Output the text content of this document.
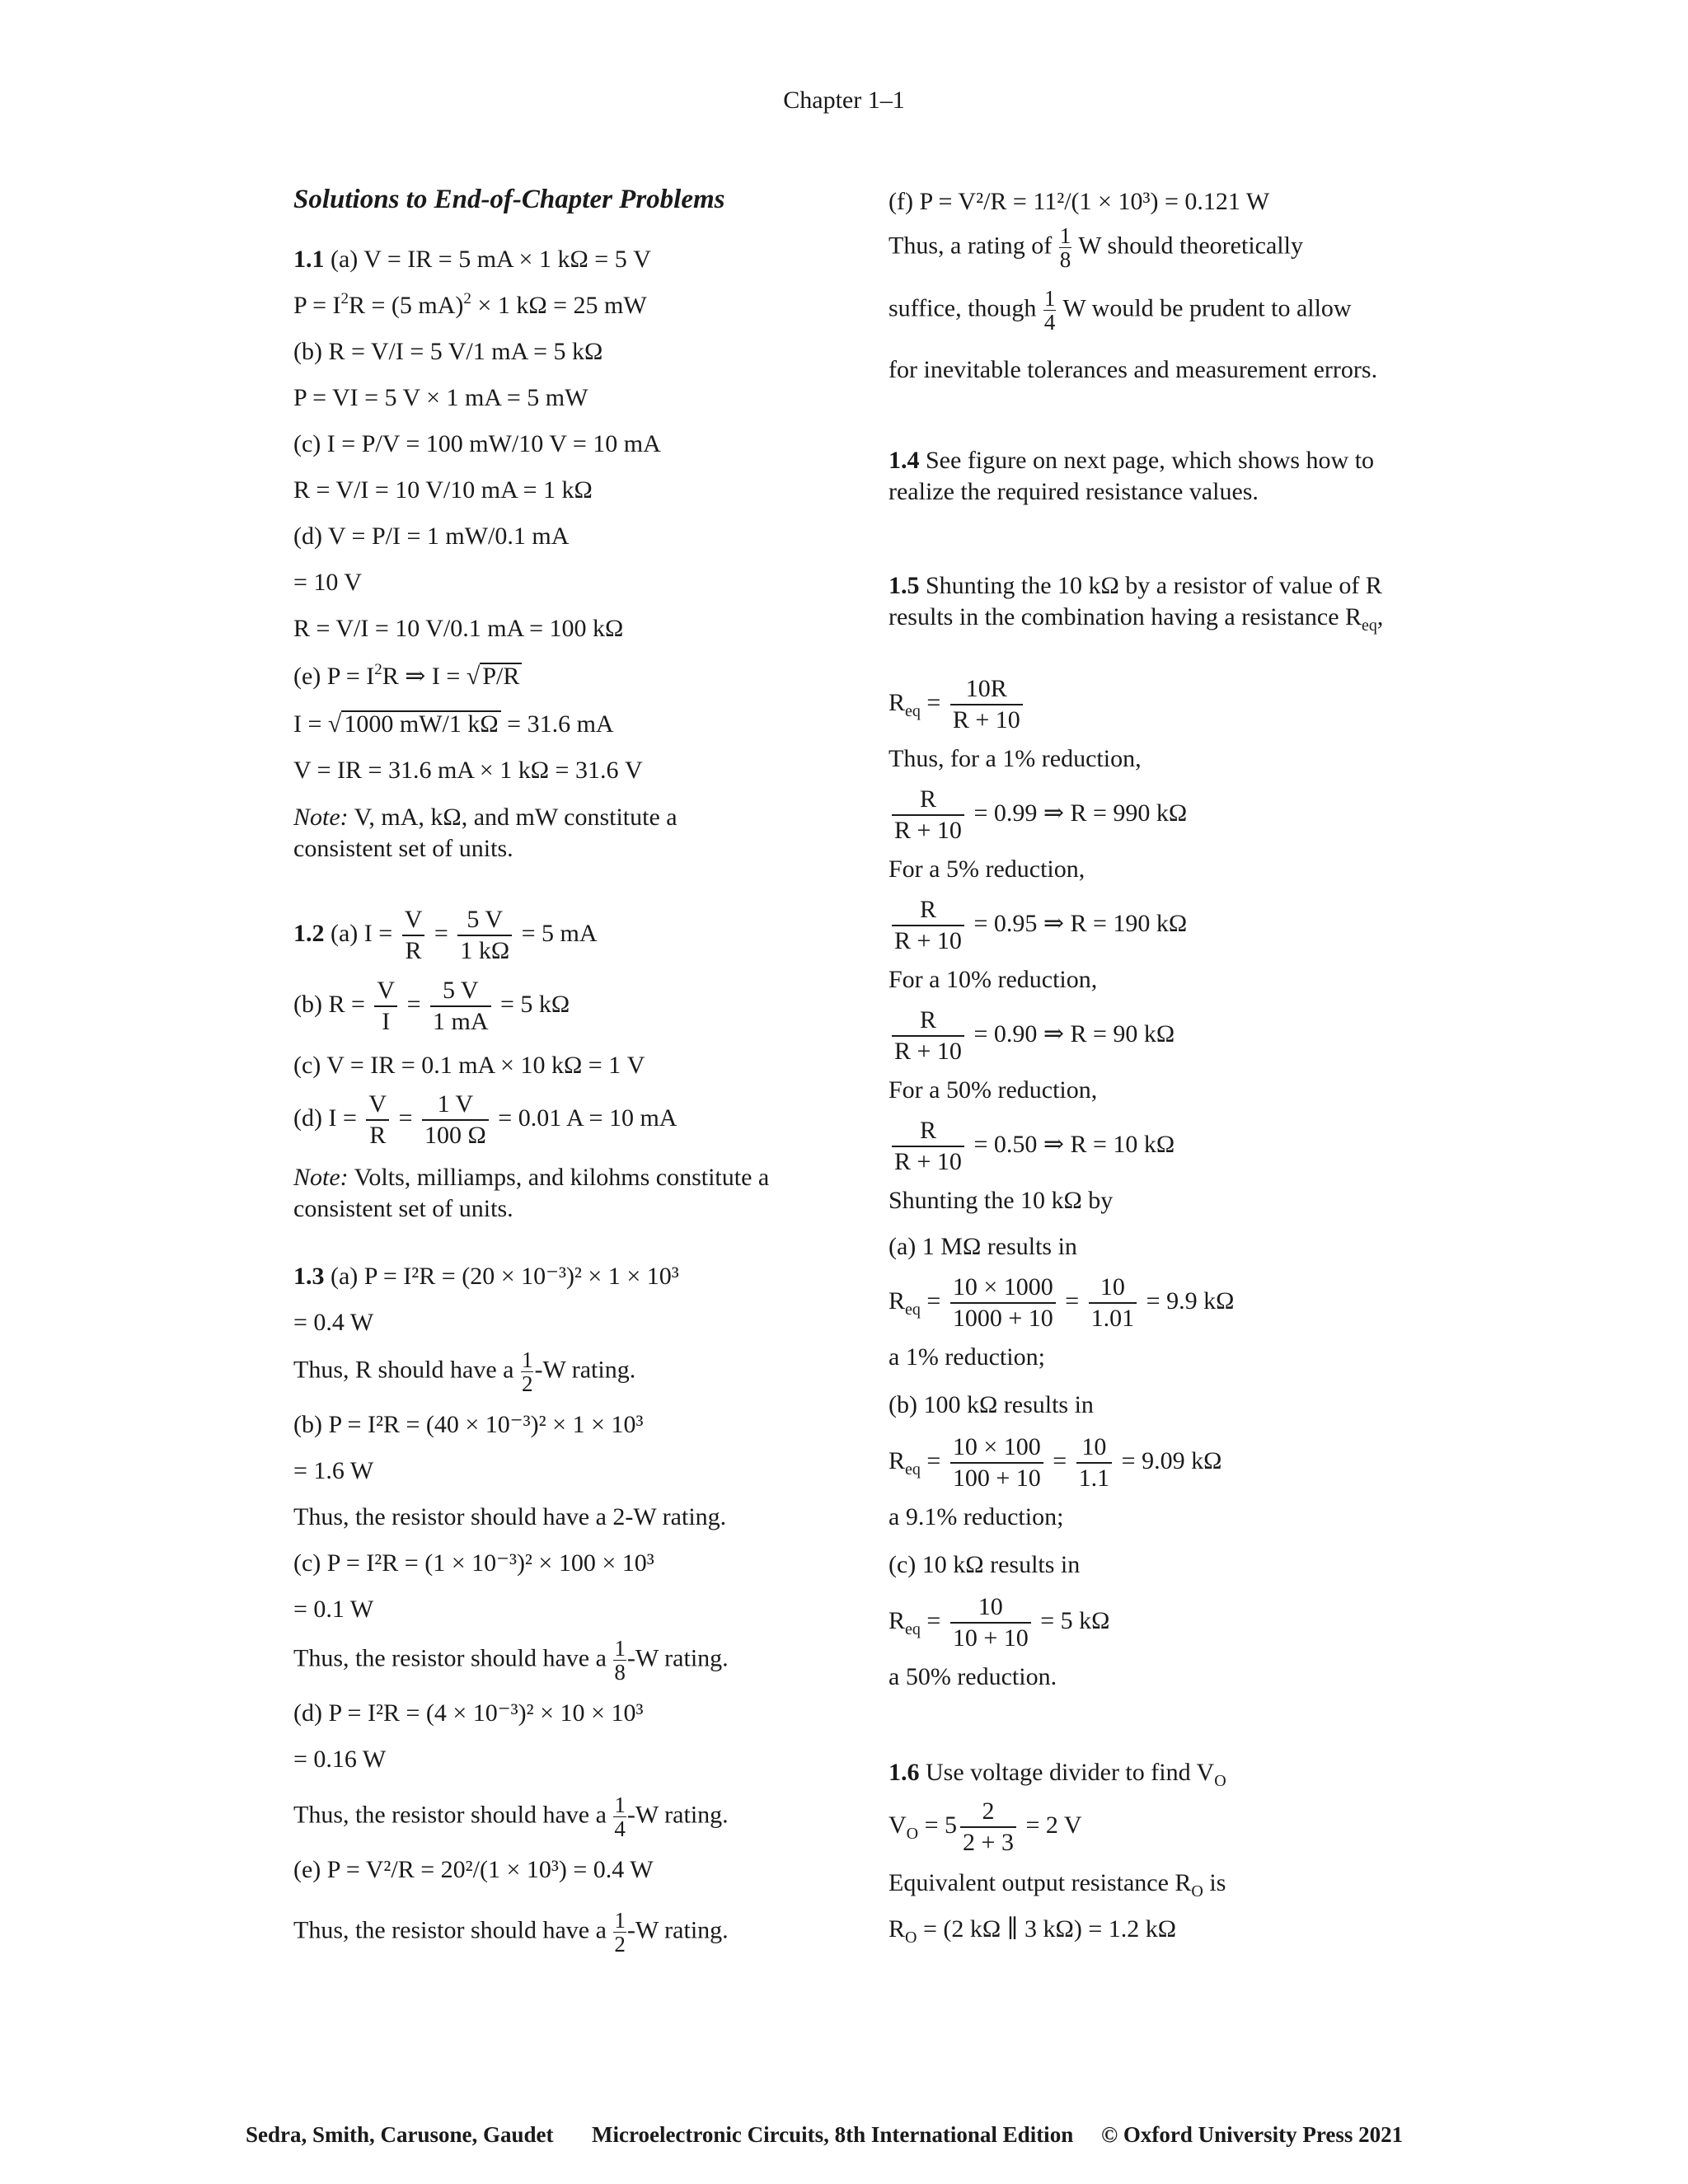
Chapter 1–1
Solutions to End-of-Chapter Problems
1.1 (a) V = IR = 5 mA × 1 kΩ = 5 V
$P = I^2R = (5$ mA)$^2$ × 1 kΩ = 25 mW
(b) R = V/I = 5 V/1 mA = 5 kΩ
P = VI = 5 V × 1 mA = 5 mW
(c) I = P/V = 100 mW/10 V = 10 mA
R = V/I = 10 V/10 mA = 1 kΩ
(d) V = P/I = 1 mW/0.1 mA
= 10 V
R = V/I = 10 V/0.1 mA = 100 kΩ
(e) $P = I^2R$ ⇒ I = √ P/R
I = √ 1000 mW/1 kΩ = 31.6 mA
V = IR = 31.6 mA × 1 kΩ = 31.6 V
Note: V, mA, kΩ, and mW constitute a consistent set of units.
1.2 (a) $I = \frac{V}{R} = \frac{5 V}{1 k\Omega} = 5$ mA
(b) $R = \frac{V}{I} = \frac{5 V}{1 mA} = 5$ kΩ
(c) V = IR = 0.1 mA × 10 kΩ = 1 V
(d) $I = \frac{V}{R} = \frac{1 V}{100 \Omega} = 0.01$ A = 10 mA
Note: Volts, milliamps, and kilohms constitute a consistent set of units.
1.3 (a) P = I²R = (20 × 10⁻³)² × 1 × 10³
= 0.4 W
Thus, R should have a $\frac{1}{2} -W$ rating.
(b) P = I²R = (40 × 10⁻³)² × 1 × 10³
= 1.6 W
Thus, the resistor should have a 2-W rating.
(c) P = I²R = (1 × 10⁻³)² × 100 × 10³
= 0.1 W
Thus, the resistor should have a $\frac{1}{8} -W$ rating.
(d) P = I²R = (4 × 10⁻³)² × 10 × 10³
= 0.16 W
Thus, the resistor should have a $\frac{1}{4} -W$ rating.
(e) P = V²/R = 20²/(1 × 10³) = 0.4 W
Thus, the resistor should have a $\frac{1}{2} -W$ rating.
(f) P = V²/R = 11²/(1 × 10³) = 0.121 W
Thus, a rating of $\frac{1}{8}$ W should theoretically
suffice, though $\frac{1}{4}$ W would be prudent to allow
for inevitable tolerances and measurement errors.
1.4 See figure on next page, which shows how to realize the required resistance values.
1.5 Shunting the 10 kΩ by a resistor of value of R results in the combination having a resistance $R_{eq}$,
$R_{eq} = \frac{10R}{R + 10}$
Thus, for a 1% reduction,
$\frac{R}{R + 10} = 0.99$ ⇒ R = 990 kΩ
For a 5% reduction,
$\frac{R}{R + 10} = 0.95$ ⇒ R = 190 kΩ
For a 10% reduction,
$\frac{R}{R + 10} = 0.90$ ⇒ R = 90 kΩ
For a 50% reduction,
$\frac{R}{R + 10} = 0.50$ ⇒ R = 10 kΩ
Shunting the 10 kΩ by
(a) 1 MΩ results in
$R_{eq} = \frac{10 \times 1000}{1000 + 10} = \frac{10}{1.01} = 9.9$ kΩ
a 1% reduction;
(b) 100 kΩ results in
$R_{eq} = \frac{10 \times 100}{100 + 10} = \frac{10}{1.1} = 9.09$ kΩ
a 9.1% reduction;
(c) 10 kΩ results in
$R_{eq} = \frac{10}{10 + 10} = 5$ kΩ
a 50% reduction.
1.6 Use voltage divider to find $V_O$
$V_O = 5 \frac{2}{2 + 3} = 2$ V
Equivalent output resistance $R_O$ is
$R_O = (2$ kΩ ∥ 3 kΩ) = 1.2 kΩ
Sedra, Smith, Carusone, Gaudet Microelectronic Circuits, 8th International Edition © Oxford University Press 2021
